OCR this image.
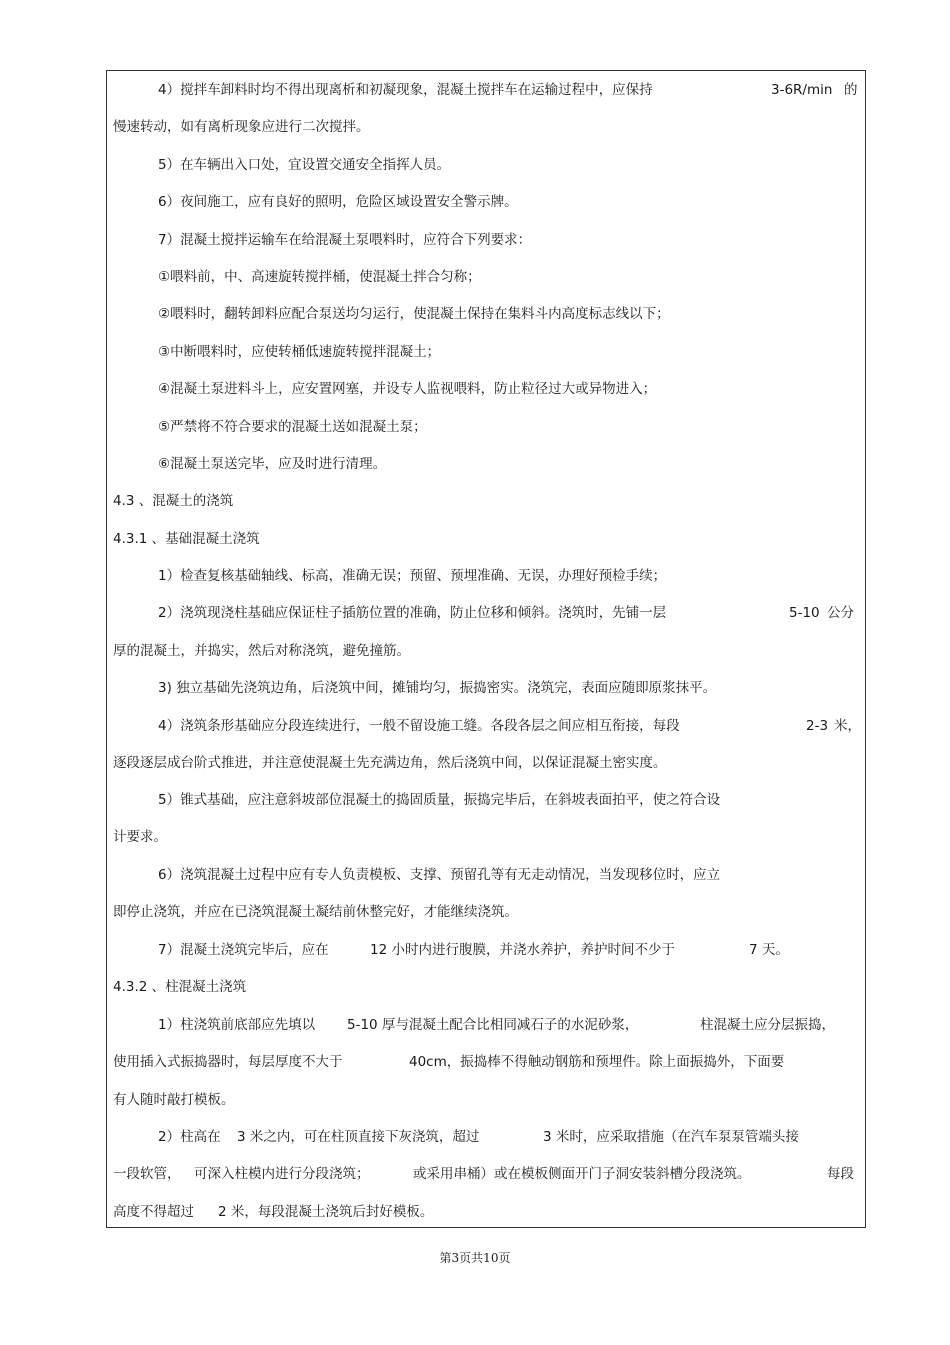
4）搅拌车卸料时均不得出现离析和初凝现象，混凝土搅拌车在运输过程中，应保持	3-6R/min 的
慢速转动，如有离析现象应进行二次搅拌。
5）在车辆出入口处，宜设置交通安全指挥人员。
6）夜间施工，应有良好的照明，危险区域设置安全警示牌。
7）混凝土搅拌运输车在给混凝土泵喂料时，应符合下列要求：
①喂料前，中、高速旋转搅拌桶，使混凝土拌合匀称；
②喂料时，翻转卸料应配合泵送均匀运行，使混凝土保持在集料斗内高度标志线以下；
③中断喂料时，应使转桶低速旋转搅拌混凝土；
④混凝土泵进料斗上，应安置网塞，并设专人监视喂料，防止粒径过大或异物进入；
⑤严禁将不符合要求的混凝土送如混凝土泵；
⑥混凝土泵送完毕，应及时进行清理。
4.3 、混凝土的浇筑
4.3.1 、基础混凝土浇筑
1）检查复核基础轴线、标高，准确无误；预留、预埋准确、无误，办理好预检手续；
2）浇筑现浇柱基础应保证柱子插筋位置的准确，防止位移和倾斜。浇筑时，先铺一层	5-10 公分
厚的混凝土，并捣实，然后对称浇筑，避免撞筋。
3) 独立基础先浇筑边角，后浇筑中间，摊铺均匀，振捣密实。浇筑完，表面应随即原浆抹平。
4）浇筑条形基础应分段连续进行，一般不留设施工缝。各段各层之间应相互衔接，每段	2-3 米，
逐段逐层成台阶式推进，并注意使混凝土先充满边角，然后浇筑中间，以保证混凝土密实度。
5）锥式基础，应注意斜坡部位混凝土的捣固质量，振捣完毕后，在斜坡表面拍平，使之符合设
计要求。
6）浇筑混凝土过程中应有专人负责模板、支撑、预留孔等有无走动情况，当发现移位时，应立
即停止浇筑，并应在已浇筑混凝土凝结前休整完好，才能继续浇筑。
7）混凝土浇筑完毕后，应在	12 小时内进行腹膜，并浇水养护，养护时间不少于	7 天。
4.3.2 、柱混凝土浇筑
1）柱浇筑前底部应先填以 5-10 厚与混凝土配合比相同减石子的水泥砂浆，	柱混凝土应分层振捣，
使用插入式振捣器时，每层厚度不大于	40cm，振捣棒不得触动钢筋和预埋件。除上面振捣外，下面要
有人随时敲打模板。
2）柱高在 3 米之内，可在柱顶直接下灰浇筑，超过	3 米时，应采取措施（在汽车泵泵管端头接
一段软管， 可深入柱模内进行分段浇筑；	或采用串桶）或在模板侧面开门子洞安装斜槽分段浇筑。	每段
高度不得超过 2 米，每段混凝土浇筑后封好模板。
第3页共10页
